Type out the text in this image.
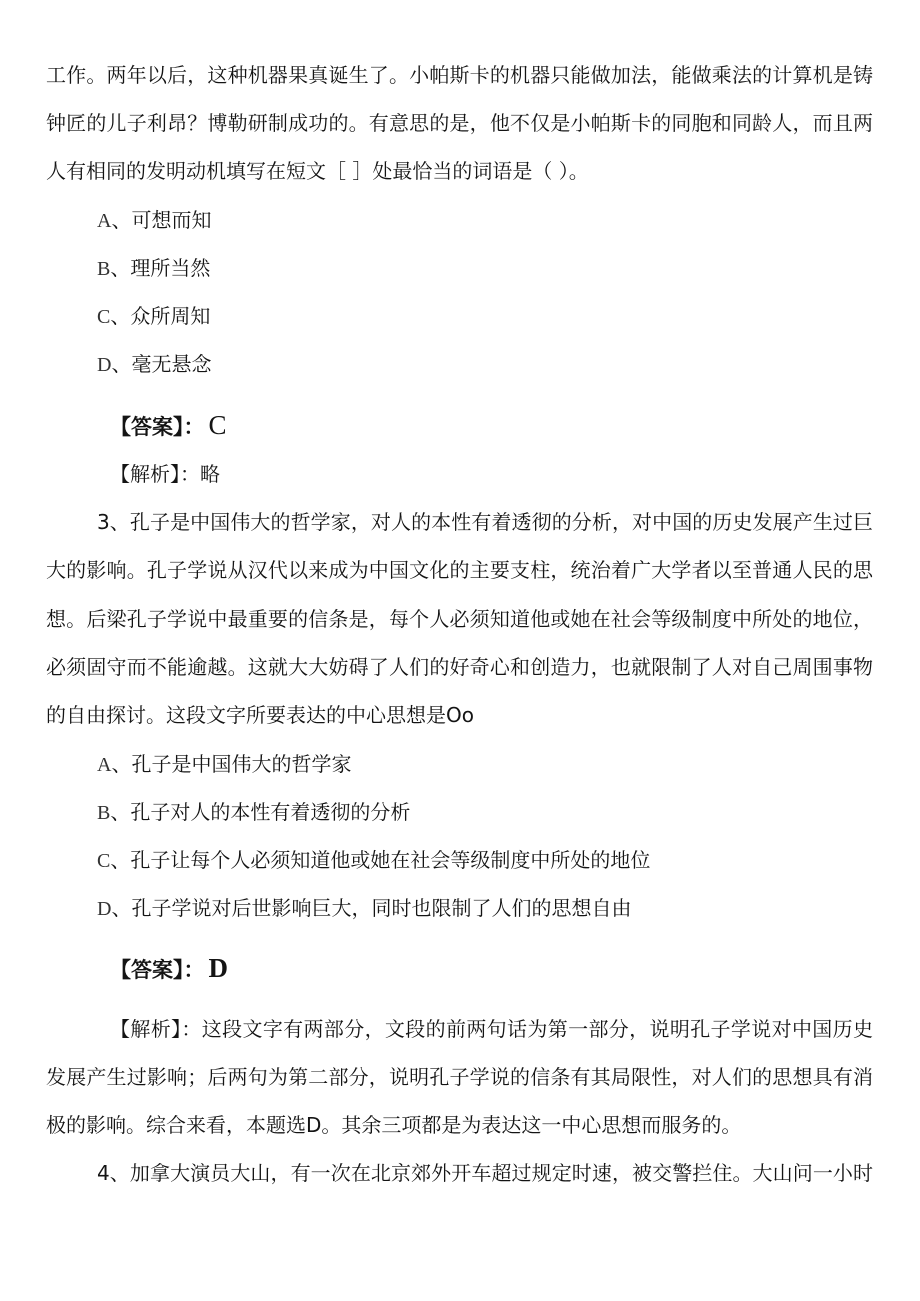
工作。两年以后，这种机器果真诞生了。小帕斯卡的机器只能做加法，能做乘法的计算机是铸
钟匠的儿子利昂？博勒研制成功的。有意思的是，他不仅是小帕斯卡的同胞和同龄人，而且两
人有相同的发明动机填写在短文［ ］处最恰当的词语是（ ）。
A、可想而知
B、理所当然
C、众所周知
D、毫无悬念
【答案】： C
【解析】：略
3、孔子是中国伟大的哲学家，对人的本性有着透彻的分析，对中国的历史发展产生过巨
大的影响。孔子学说从汉代以来成为中国文化的主要支柱，统治着广大学者以至普通人民的思
想。后梁孔子学说中最重要的信条是，每个人必须知道他或她在社会等级制度中所处的地位，
必须固守而不能逾越。这就大大妨碍了人们的好奇心和创造力，也就限制了人对自己周围事物
的自由探讨。这段文字所要表达的中心思想是Oo
A、孔子是中国伟大的哲学家
B、孔子对人的本性有着透彻的分析
C、孔子让每个人必须知道他或她在社会等级制度中所处的地位
D、孔子学说对后世影响巨大，同时也限制了人们的思想自由
【答案】： D
【解析】：这段文字有两部分，文段的前两句话为第一部分，说明孔子学说对中国历史
发展产生过影响；后两句为第二部分，说明孔子学说的信条有其局限性，对人们的思想具有消
极的影响。综合来看，本题选D。其余三项都是为表达这一中心思想而服务的。
4、加拿大演员大山，有一次在北京郊外开车超过规定时速，被交警拦住。大山问一小时
